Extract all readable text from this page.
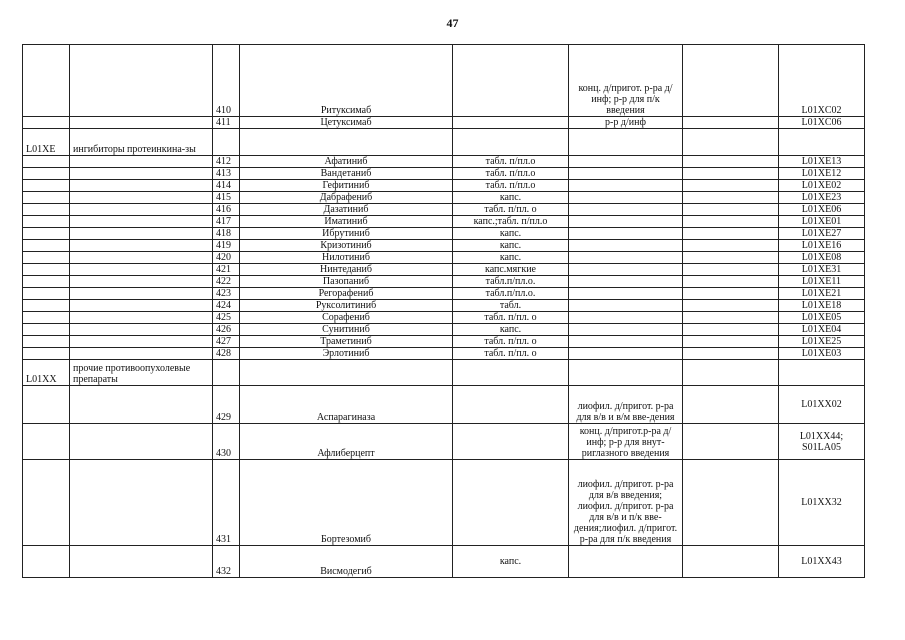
47
		410	Ритуксимаб		конц. д/пригот. р-ра д/инф; р-р для п/к введения		L01XC02
		411	Цетуксимаб		р-р д/инф		L01XC06
L01XE	ингибиторы протеинкина-зы						
		412	Афатиниб	табл. п/пл.о			L01XE13
		413	Вандетаниб	табл. п/пл.о			L01XE12
		414	Гефитиниб	табл. п/пл.о			L01XE02
		415	Дабрафениб	капс.			L01XE23
		416	Дазатиниб	табл. п/пл. о			L01XE06
		417	Иматиниб	капс.;табл. п/пл.о			L01XE01
		418	Ибрутиниб	капс.			L01XE27
		419	Кризотиниб	капс.			L01XE16
		420	Нилотиниб	капс.			L01XE08
		421	Нинтеданиб	капс.мягкие			L01XE31
		422	Пазопаниб	табл.п/пл.о.			L01XE11
		423	Регорафениб	табл.п/пл.о.			L01XE21
		424	Руксолитиниб	табл.			L01XE18
		425	Сорафениб	табл. п/пл. о			L01XE05
		426	Сунитиниб	капс.			L01XE04
		427	Траметиниб	табл. п/пл. о			L01XE25
		428	Эрлотиниб	табл. п/пл. о			L01XE03
L01XX	прочие противоопухолевые препараты						
		429	Аспарагиназа		лиофил. д/пригот. р-ра для в/в и в/м вве-дения		L01XX02
		430	Афлиберцепт		конц. д/пригот.р-ра д/инф; р-р для внут-риглазного введения		L01XX44; S01LA05
		431	Бортезомиб		лиофил. д/пригот. р-ра для в/в введения; лиофил. д/пригот. р-ра для в/в и п/к вве-дения;лиофил. д/пригот. р-ра для п/к введения		L01XX32
		432	Висмодегиб	капс.			L01XX43
